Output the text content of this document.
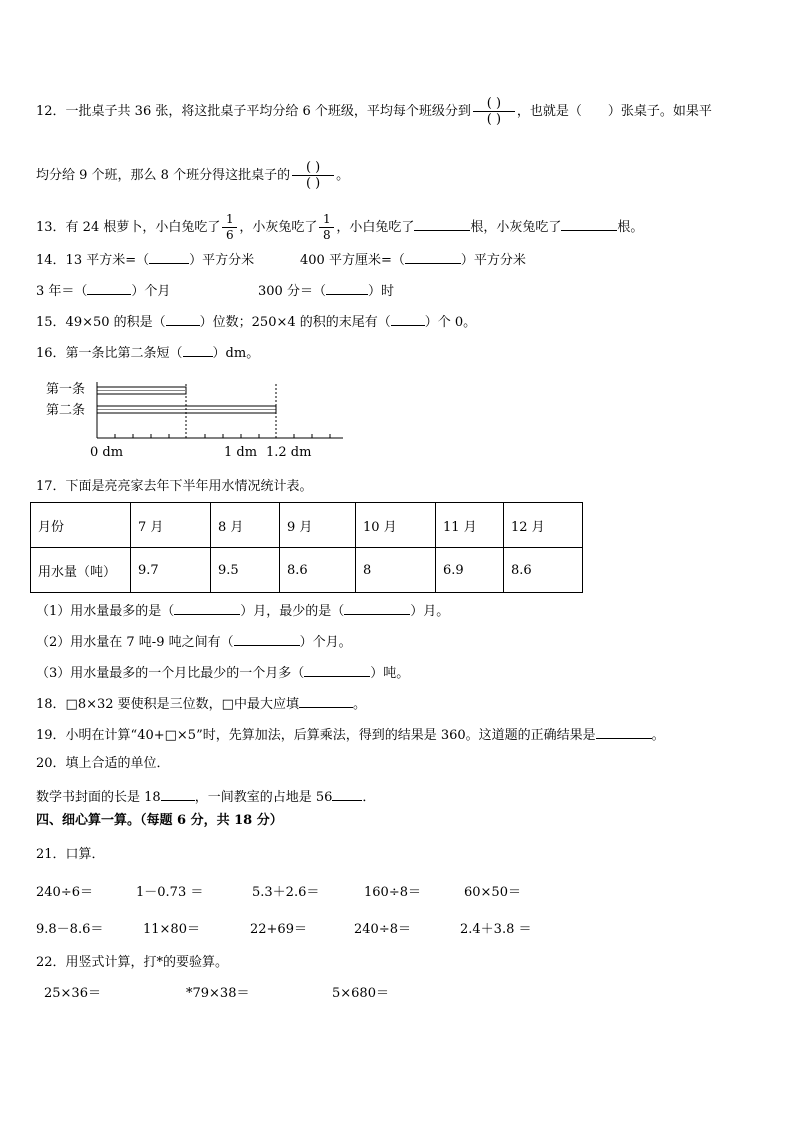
12．一批桌子共 36 张，将这批桌子平均分给 6 个班级，平均每个班级分到 $\frac{( )}{( )}$ ，也就是（　　）张桌子。如果平
均分给 9 个班，那么 8 个班分得这批桌子的 $\frac{( )}{( )}$ 。
13．有 24 根萝卜，小白兔吃了 $\frac{1}{6}$ ，小灰兔吃了 $\frac{1}{8}$ ，小白兔吃了	根，小灰兔吃了	根。
14．13 平方米=（	）平方分米	400 平方厘米=（	）平方分米
3 年＝（	）个月	300 分＝（	）时
15．49×50 的积是（	）位数；250×4 的积的末尾有（	）个 0。
16．第一条比第二条短（ ）dm。
第一条
第二条
0 dm	1 dm 1.2 dm
17．下面是亮亮家去年下半年用水情况统计表。
月份	7 月	8 月	9 月	10 月	11 月	12 月
用水量（吨）	9.7	9.5	8.6	8	6.9	8.6
（1）用水量最多的是（	）月，最少的是（	）月。
（2）用水量在 7 吨-9 吨之间有（	）个月。
（3）用水量最多的一个月比最少的一个月多（	）吨。
18．□8×32 要使积是三位数，□中最大应填	。
19．小明在计算“40+□×5”时，先算加法，后算乘法，得到的结果是 360。这道题的正确结果是	。
20．填上合适的单位．
数学书封面的长是 18	，一间教室的占地是 56 ．
四、细心算一算。（每题 6 分，共 18 分）
21．口算．
240÷6＝	1－0.73 ＝	5.3＋2.6＝	160÷8＝	60×50＝
9.8－8.6＝	11×80＝	22+69＝	240÷8＝	2.4＋3.8 ＝
22．用竖式计算，打*的要验算。
25×36＝	*79×38＝	5×680＝
